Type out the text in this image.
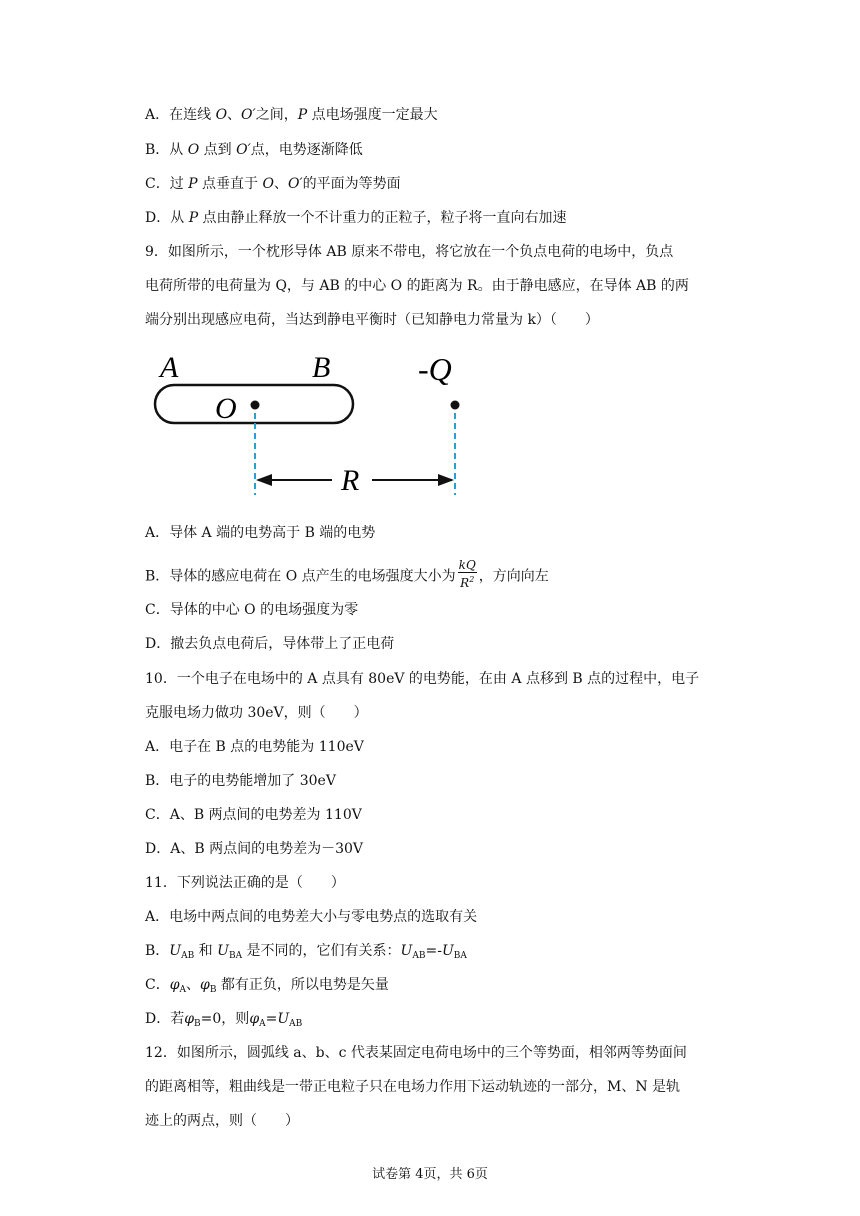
A．在连线 O、O′之间，P 点电场强度一定最大
B．从 O 点到 O′点，电势逐渐降低
C．过 P 点垂直于 O、O′的平面为等势面
D．从 P 点由静止释放一个不计重力的正粒子，粒子将一直向右加速
9．如图所示，一个枕形导体 AB 原来不带电，将它放在一个负点电荷的电场中，负点
电荷所带的电荷量为 Q，与 AB 的中心 O 的距离为 R。由于静电感应，在导体 AB 的两
端分别出现感应电荷，当达到静电平衡时（已知静电力常量为 k）（　　）
A	B	-Q
O
R
A．导体 A 端的电势高于 B 端的电势
B．导体的感应电荷在 O 点产生的电场强度大小为 $\frac{kQ}{R^2}$ ，方向向左
C．导体的中心 O 的电场强度为零
D．撤去负点电荷后，导体带上了正电荷
10．一个电子在电场中的 A 点具有 80eV 的电势能，在由 A 点移到 B 点的过程中，电子
克服电场力做功 30eV，则（　　）
A．电子在 B 点的电势能为 110eV
B．电子的电势能增加了 30eV
C．A、B 两点间的电势差为 110V
D．A、B 两点间的电势差为－30V
11．下列说法正确的是（　　）
A．电场中两点间的电势差大小与零电势点的选取有关
B．$U_{AB}$ 和 $U_{BA}$ 是不同的，它们有关系：$U_{AB}=-U_{BA}$
C．$\varphi_A$、$\varphi_B$ 都有正负，所以电势是矢量
D．若$\varphi_B=0$，则$\varphi_A=U_{AB}$
12．如图所示，圆弧线 a、b、c 代表某固定电荷电场中的三个等势面，相邻两等势面间
的距离相等，粗曲线是一带正电粒子只在电场力作用下运动轨迹的一部分，M、N 是轨
迹上的两点，则（　　）
试卷第 4页，共 6页
